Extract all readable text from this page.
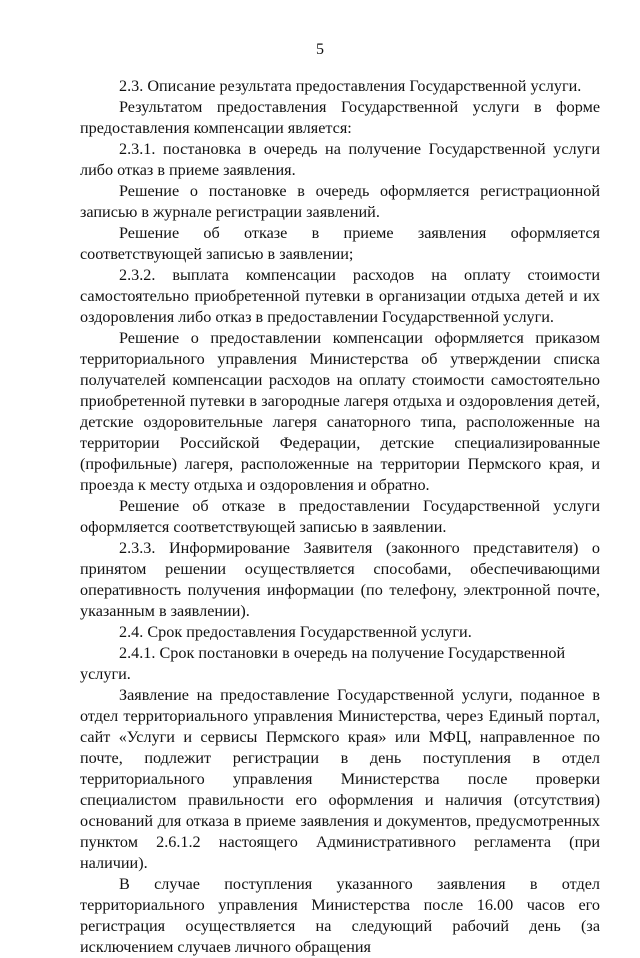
5

2.3. Описание результата предоставления Государственной услуги.

Результатом предоставления Государственной услуги в форме предоставления компенсации является:

2.3.1. постановка в очередь на получение Государственной услуги либо отказ в приеме заявления.

Решение о постановке в очередь оформляется регистрационной записью в журнале регистрации заявлений.

Решение об отказе в приеме заявления оформляется соответствующей записью в заявлении;

2.3.2. выплата компенсации расходов на оплату стоимости самостоятельно приобретенной путевки в организации отдыха детей и их оздоровления либо отказ в предоставлении Государственной услуги.

Решение о предоставлении компенсации оформляется приказом территориального управления Министерства об утверждении списка получателей компенсации расходов на оплату стоимости самостоятельно приобретенной путевки в загородные лагеря отдыха и оздоровления детей, детские оздоровительные лагеря санаторного типа, расположенные на территории Российской Федерации, детские специализированные (профильные) лагеря, расположенные на территории Пермского края, и проезда к месту отдыха и оздоровления и обратно.

Решение об отказе в предоставлении Государственной услуги оформляется соответствующей записью в заявлении.

2.3.3. Информирование Заявителя (законного представителя) о принятом решении осуществляется способами, обеспечивающими оперативность получения информации (по телефону, электронной почте, указанным в заявлении).

2.4. Срок предоставления Государственной услуги.

2.4.1. Срок постановки в очередь на получение Государственной услуги.

Заявление на предоставление Государственной услуги, поданное в отдел территориального управления Министерства, через Единый портал, сайт «Услуги и сервисы Пермского края» или МФЦ, направленное по почте, подлежит регистрации в день поступления в отдел территориального управления Министерства после проверки специалистом правильности его оформления и наличия (отсутствия) оснований для отказа в приеме заявления и документов, предусмотренных пунктом 2.6.1.2 настоящего Административного регламента (при наличии).

В случае поступления указанного заявления в отдел территориального управления Министерства после 16.00 часов его регистрация осуществляется на следующий рабочий день (за исключением случаев личного обращения
